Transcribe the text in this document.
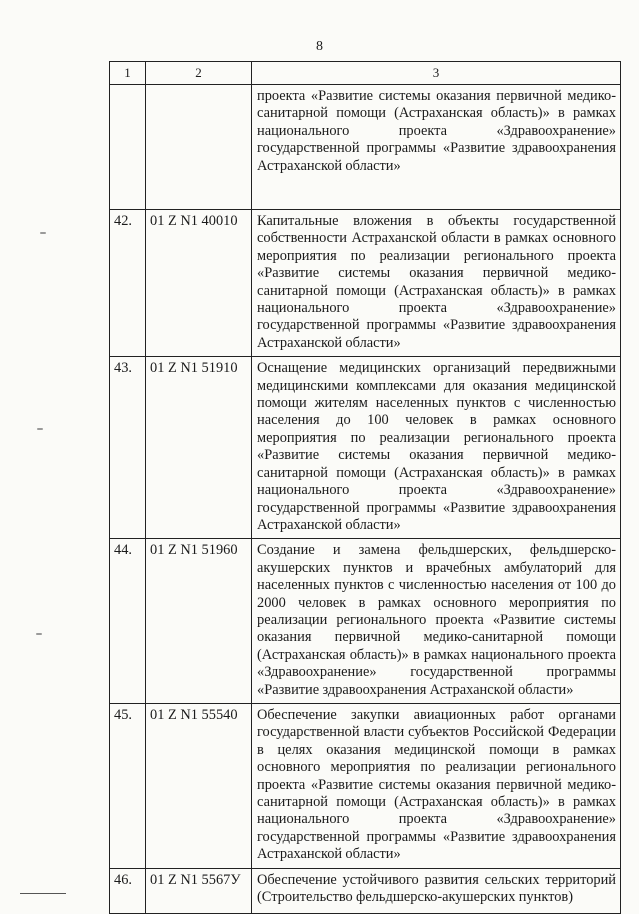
8
1	2	3
		проекта «Развитие системы оказания первичной медико-санитарной помощи (Астраханская область)» в рамках национального проекта «Здравоохранение» государственной программы «Развитие здравоохранения Астраханской области»
42.	01 Z N1 40010	Капитальные вложения в объекты государственной собственности Астраханской области в рамках основного мероприятия по реализации регионального проекта «Развитие системы оказания первичной медико-санитарной помощи (Астраханская область)» в рамках национального проекта «Здравоохранение» государственной программы «Развитие здравоохранения Астраханской области»
43.	01 Z N1 51910	Оснащение медицинских организаций передвижными медицинскими комплексами для оказания медицинской помощи жителям населенных пунктов с численностью населения до 100 человек в рамках основного мероприятия по реализации регионального проекта «Развитие системы оказания первичной медико-санитарной помощи (Астраханская область)» в рамках национального проекта «Здравоохранение» государственной программы «Развитие здравоохранения Астраханской области»
44.	01 Z N1 51960	Создание и замена фельдшерских, фельдшерско-акушерских пунктов и врачебных амбулаторий для населенных пунктов с численностью населения от 100 до 2000 человек в рамках основного мероприятия по реализации регионального проекта «Развитие системы оказания первичной медико-санитарной помощи (Астраханская область)» в рамках национального проекта «Здравоохранение» государственной программы «Развитие здравоохранения Астраханской области»
45.	01 Z N1 55540	Обеспечение закупки авиационных работ органами государственной власти субъектов Российской Федерации в целях оказания медицинской помощи в рамках основного мероприятия по реализации регионального проекта «Развитие системы оказания первичной медико-санитарной помощи (Астраханская область)» в рамках национального проекта «Здравоохранение» государственной программы «Развитие здравоохранения Астраханской области»
46.	01 Z N1 5567У	Обеспечение устойчивого развития сельских территорий (Строительство фельдшерско-акушерских пунктов)
